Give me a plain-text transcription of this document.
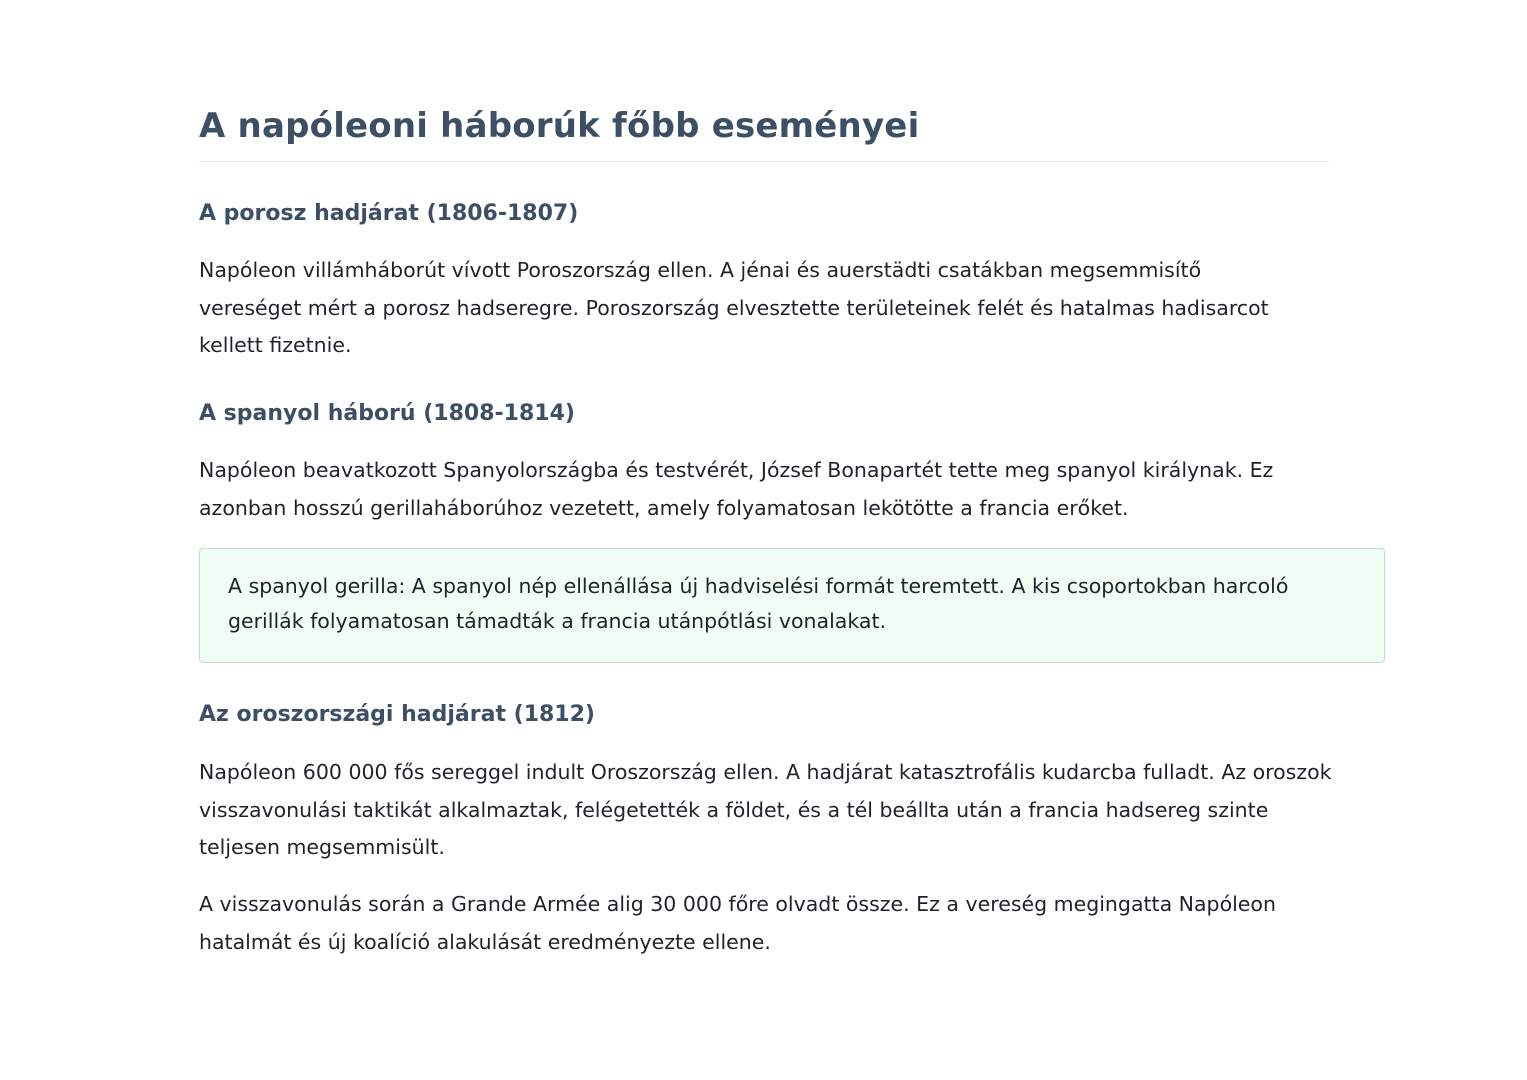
A napóleoni háborúk főbb eseményei
A porosz hadjárat (1806-1807)

Napóleon villámháborút vívott Poroszország ellen. A jénai és auerstädti csatákban megsemmisítő vereséget mért a porosz hadseregre. Poroszország elvesztette területeinek felét és hatalmas hadisarcot kellett fizetnie.

A spanyol háború (1808-1814)

Napóleon beavatkozott Spanyolországba és testvérét, József Bonapartét tette meg spanyol királynak. Ez azonban hosszú gerillaháborúhoz vezetett, amely folyamatosan lekötötte a francia erőket.

A spanyol gerilla: A spanyol nép ellenállása új hadviselési formát teremtett. A kis csoportokban harcoló gerillák folyamatosan támadták a francia utánpótlási vonalakat.

Az oroszországi hadjárat (1812)

Napóleon 600 000 fős sereggel indult Oroszország ellen. A hadjárat katasztrofális kudarcba fulladt. Az oroszok visszavonulási taktikát alkalmaztak, felégetették a földet, és a tél beállta után a francia hadsereg szinte teljesen megsemmisült.

A visszavonulás során a Grande Armée alig 30 000 főre olvadt össze. Ez a vereség megingatta Napóleon hatalmát és új koalíció alakulását eredményezte ellene.
